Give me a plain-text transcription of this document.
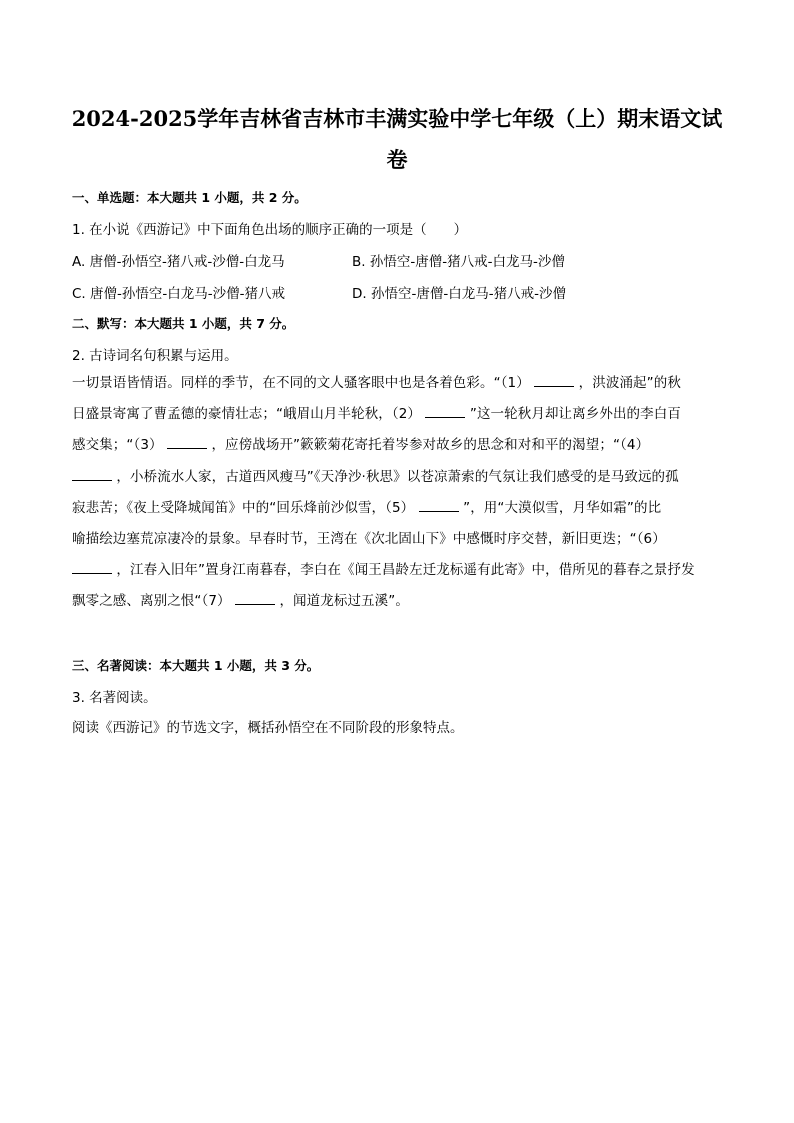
2024-2025学年吉林省吉林市丰满实验中学七年级（上）期末语文试
卷
一、单选题：本大题共 1 小题，共 2 分。
1. 在小说《西游记》中下面角色出场的顺序正确的一项是（　　）
A. 唐僧-孙悟空-猪八戒-沙僧-白龙马	B. 孙悟空-唐僧-猪八戒-白龙马-沙僧
C. 唐僧-孙悟空-白龙马-沙僧-猪八戒	D. 孙悟空-唐僧-白龙马-猪八戒-沙僧
二、默写：本大题共 1 小题，共 7 分。
2. 古诗词名句积累与运用。
一切景语皆情语。同样的季节，在不同的文人骚客眼中也是各着色彩。“（1）	，洪波涌起”的秋
日盛景寄寓了曹孟德的豪情壮志；“峨眉山月半轮秋，（2）	”这一轮秋月却让离乡外出的李白百
感交集；“（3）	，应傍战场开”簌簌菊花寄托着岑参对故乡的思念和对和平的渴望；“（4）
，小桥流水人家，古道西风瘦马”《天净沙·秋思》以苍凉萧索的气氛让我们感受的是马致远的孤
寂悲苦；《夜上受降城闻笛》中的“回乐烽前沙似雪，（5）	”，用“大漠似雪，月华如霜”的比
喻描绘边塞荒凉凄冷的景象。早春时节，王湾在《次北固山下》中感慨时序交替，新旧更迭；“（6）
，江春入旧年”置身江南暮春，李白在《闻王昌龄左迁龙标遥有此寄》中，借所见的暮春之景抒发
飘零之感、离别之恨“（7）	，闻道龙标过五溪”。
三、名著阅读：本大题共 1 小题，共 3 分。
3. 名著阅读。
阅读《西游记》的节选文字，概括孙悟空在不同阶段的形象特点。
